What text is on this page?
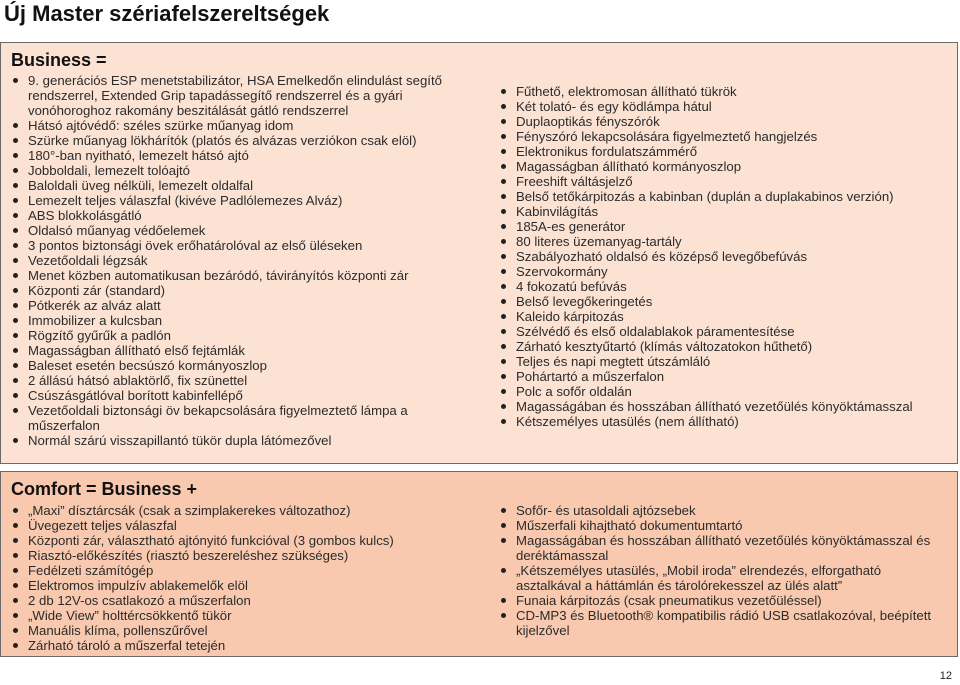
Új Master szériafelszereltségek
Business =
9. generációs ESP menetstabilizátor, HSA Emelkedőn elindulást segítő rendszerrel, Extended Grip tapadássegítő rendszerrel és a gyári vonóhoroghoz rakomány beszitálását gátló rendszerrel
Hátsó ajtóvédő: széles szürke műanyag idom
Szürke műanyag lökhárítók (platós és alvázas verziókon csak elöl)
180°-ban nyitható, lemezelt hátsó ajtó
Jobboldali, lemezelt tolóajtó
Baloldali üveg nélküli, lemezelt oldalfal
Lemezelt teljes válaszfal (kivéve Padlólemezes Alváz)
ABS blokkolásgátló
Oldalsó műanyag védőelemek
3 pontos biztonsági övek erőhatárolóval az első üléseken
Vezetőoldali légzsák
Menet közben automatikusan bezáródó, távirányítós központi zár
Központi zár (standard)
Pótkerék az alváz alatt
Immobilizer a kulcsban
Rögzítő gyűrűk a padlón
Magasságban állítható első fejtámlák
Baleset esetén becsúszó kormányoszlop
2 állású hátsó ablaktörlő, fix szünettel
Csúszásgátlóval borított kabinfellépő
Vezetőoldali biztonsági öv bekapcsolására figyelmeztető lámpa a műszerfalon
Normál szárú visszapillantó tükör dupla látómezővel
Fűthető, elektromosan állítható tükrök
Két tolató- és egy ködlámpa hátul
Duplaoptikás fényszórók
Fényszóró lekapcsolására figyelmeztető hangjelzés
Elektronikus fordulatszámmérő
Magasságban állítható kormányoszlop
Freeshift váltásjelző
Belső tetőkárpitozás a kabinban (duplán a duplakabinos verzión)
Kabinvilágítás
185A-es generátor
80 literes üzemanyag-tartály
Szabályozható oldalsó és középső levegőbefúvás
Szervokormány
4 fokozatú befúvás
Belső levegőkeringetés
Kaleido kárpitozás
Szélvédő és első oldalablakok páramentesítése
Zárható kesztyűtartó (klímás változatokon hűthető)
Teljes és napi megtett útszámláló
Pohártartó a műszerfalon
Polc a sofőr oldalán
Magasságában és hosszában állítható vezetőülés könyöktámasszal
Kétszemélyes utasülés (nem állítható)
Comfort = Business +
„Maxi” dísztárcsák (csak a szimplakerekes változathoz)
Üvegezett teljes válaszfal
Központi zár, választható ajtónyitó funkcióval (3 gombos kulcs)
Riasztó-előkészítés (riasztó beszereléshez szükséges)
Fedélzeti számítógép
Elektromos impulzív ablakemelők elöl
2 db 12V-os csatlakozó a műszerfalon
„Wide View” holttércsökkentő tükör
Manuális klíma, pollenszűrővel
Zárható tároló a műszerfal tetején
Sofőr- és utasoldali ajtózsebek
Műszerfali kihajtható dokumentumtartó
Magasságában és hosszában állítható vezetőülés könyöktámasszal és deréktámasszal
„Kétszemélyes utasülés, „Mobil iroda” elrendezés, elforgatható asztalkával a háttámlán és tárolórekesszel az ülés alatt”
Funaia kárpitozás (csak pneumatikus vezetőüléssel)
CD-MP3 és Bluetooth® kompatibilis rádió USB csatlakozóval, beépített kijelzővel
12
